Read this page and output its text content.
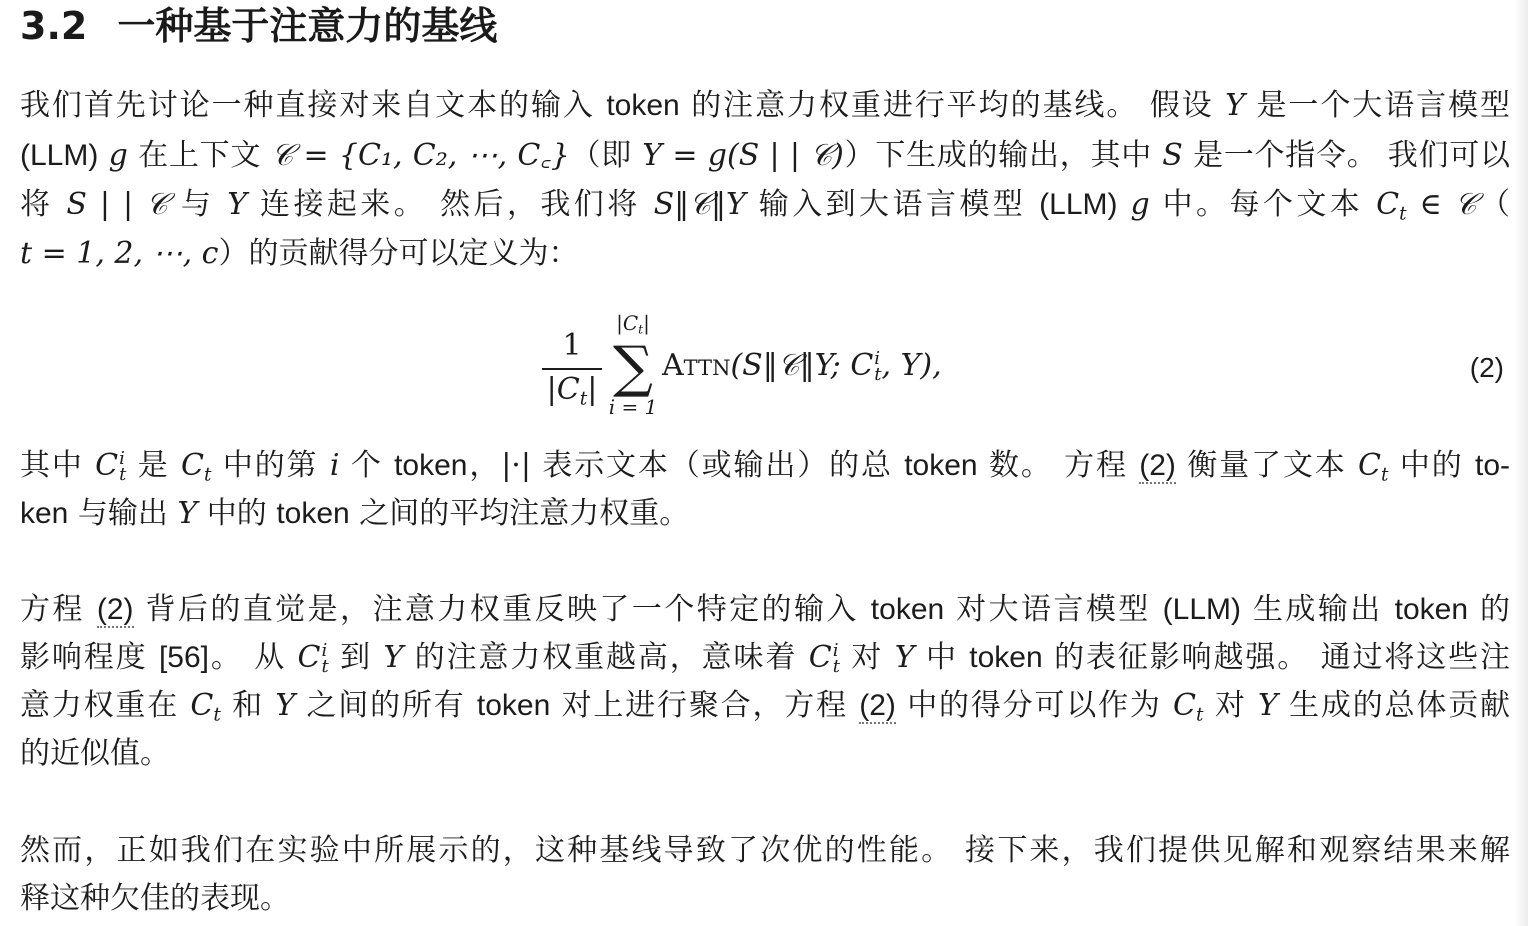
3.2 一种基于注意力的基线
我们首先讨论一种直接对来自文本的输入 token 的注意力权重进行平均的基线。 假设 Y 是一个大语言模型
(LLM) g 在上下文 𝒞 = {C₁, C₂, ⋯, C꜀}（即 Y = g(S | | 𝒞)）下生成的输出，其中 S 是一个指令。 我们可以
将 S | | 𝒞 与 Y 连接起来。 然后，我们将 S‖𝒞‖Y 输入到大语言模型 (LLM) g 中。每个文本 $C_t$ ∈ 𝒞（
t = 1, 2, ⋯, c）的贡献得分可以定义为：
1
$|C_t|$
$|C_t|$
∑
i = 1
Attn(S‖𝒞‖Y; C i
t , Y),	(2)
其中 C i
t 是 $C_t$ 中的第 i 个 token，|·| 表示文本（或输出）的总 token 数。 方程 (2) 衡量了文本 $C_t$ 中的 to-
ken 与输出 Y 中的 token 之间的平均注意力权重。
方程 (2) 背后的直觉是，注意力权重反映了一个特定的输入 token 对大语言模型 (LLM) 生成输出 token 的
影响程度 [56]。 从 C i
t 到 Y 的注意力权重越高，意味着 C i
t 对 Y 中 token 的表征影响越强。 通过将这些注
意力权重在 $C_t$ 和 Y 之间的所有 token 对上进行聚合，方程 (2) 中的得分可以作为 $C_t$ 对 Y 生成的总体贡献
的近似值。
然而，正如我们在实验中所展示的，这种基线导致了次优的性能。 接下来，我们提供见解和观察结果来解
释这种欠佳的表现。
